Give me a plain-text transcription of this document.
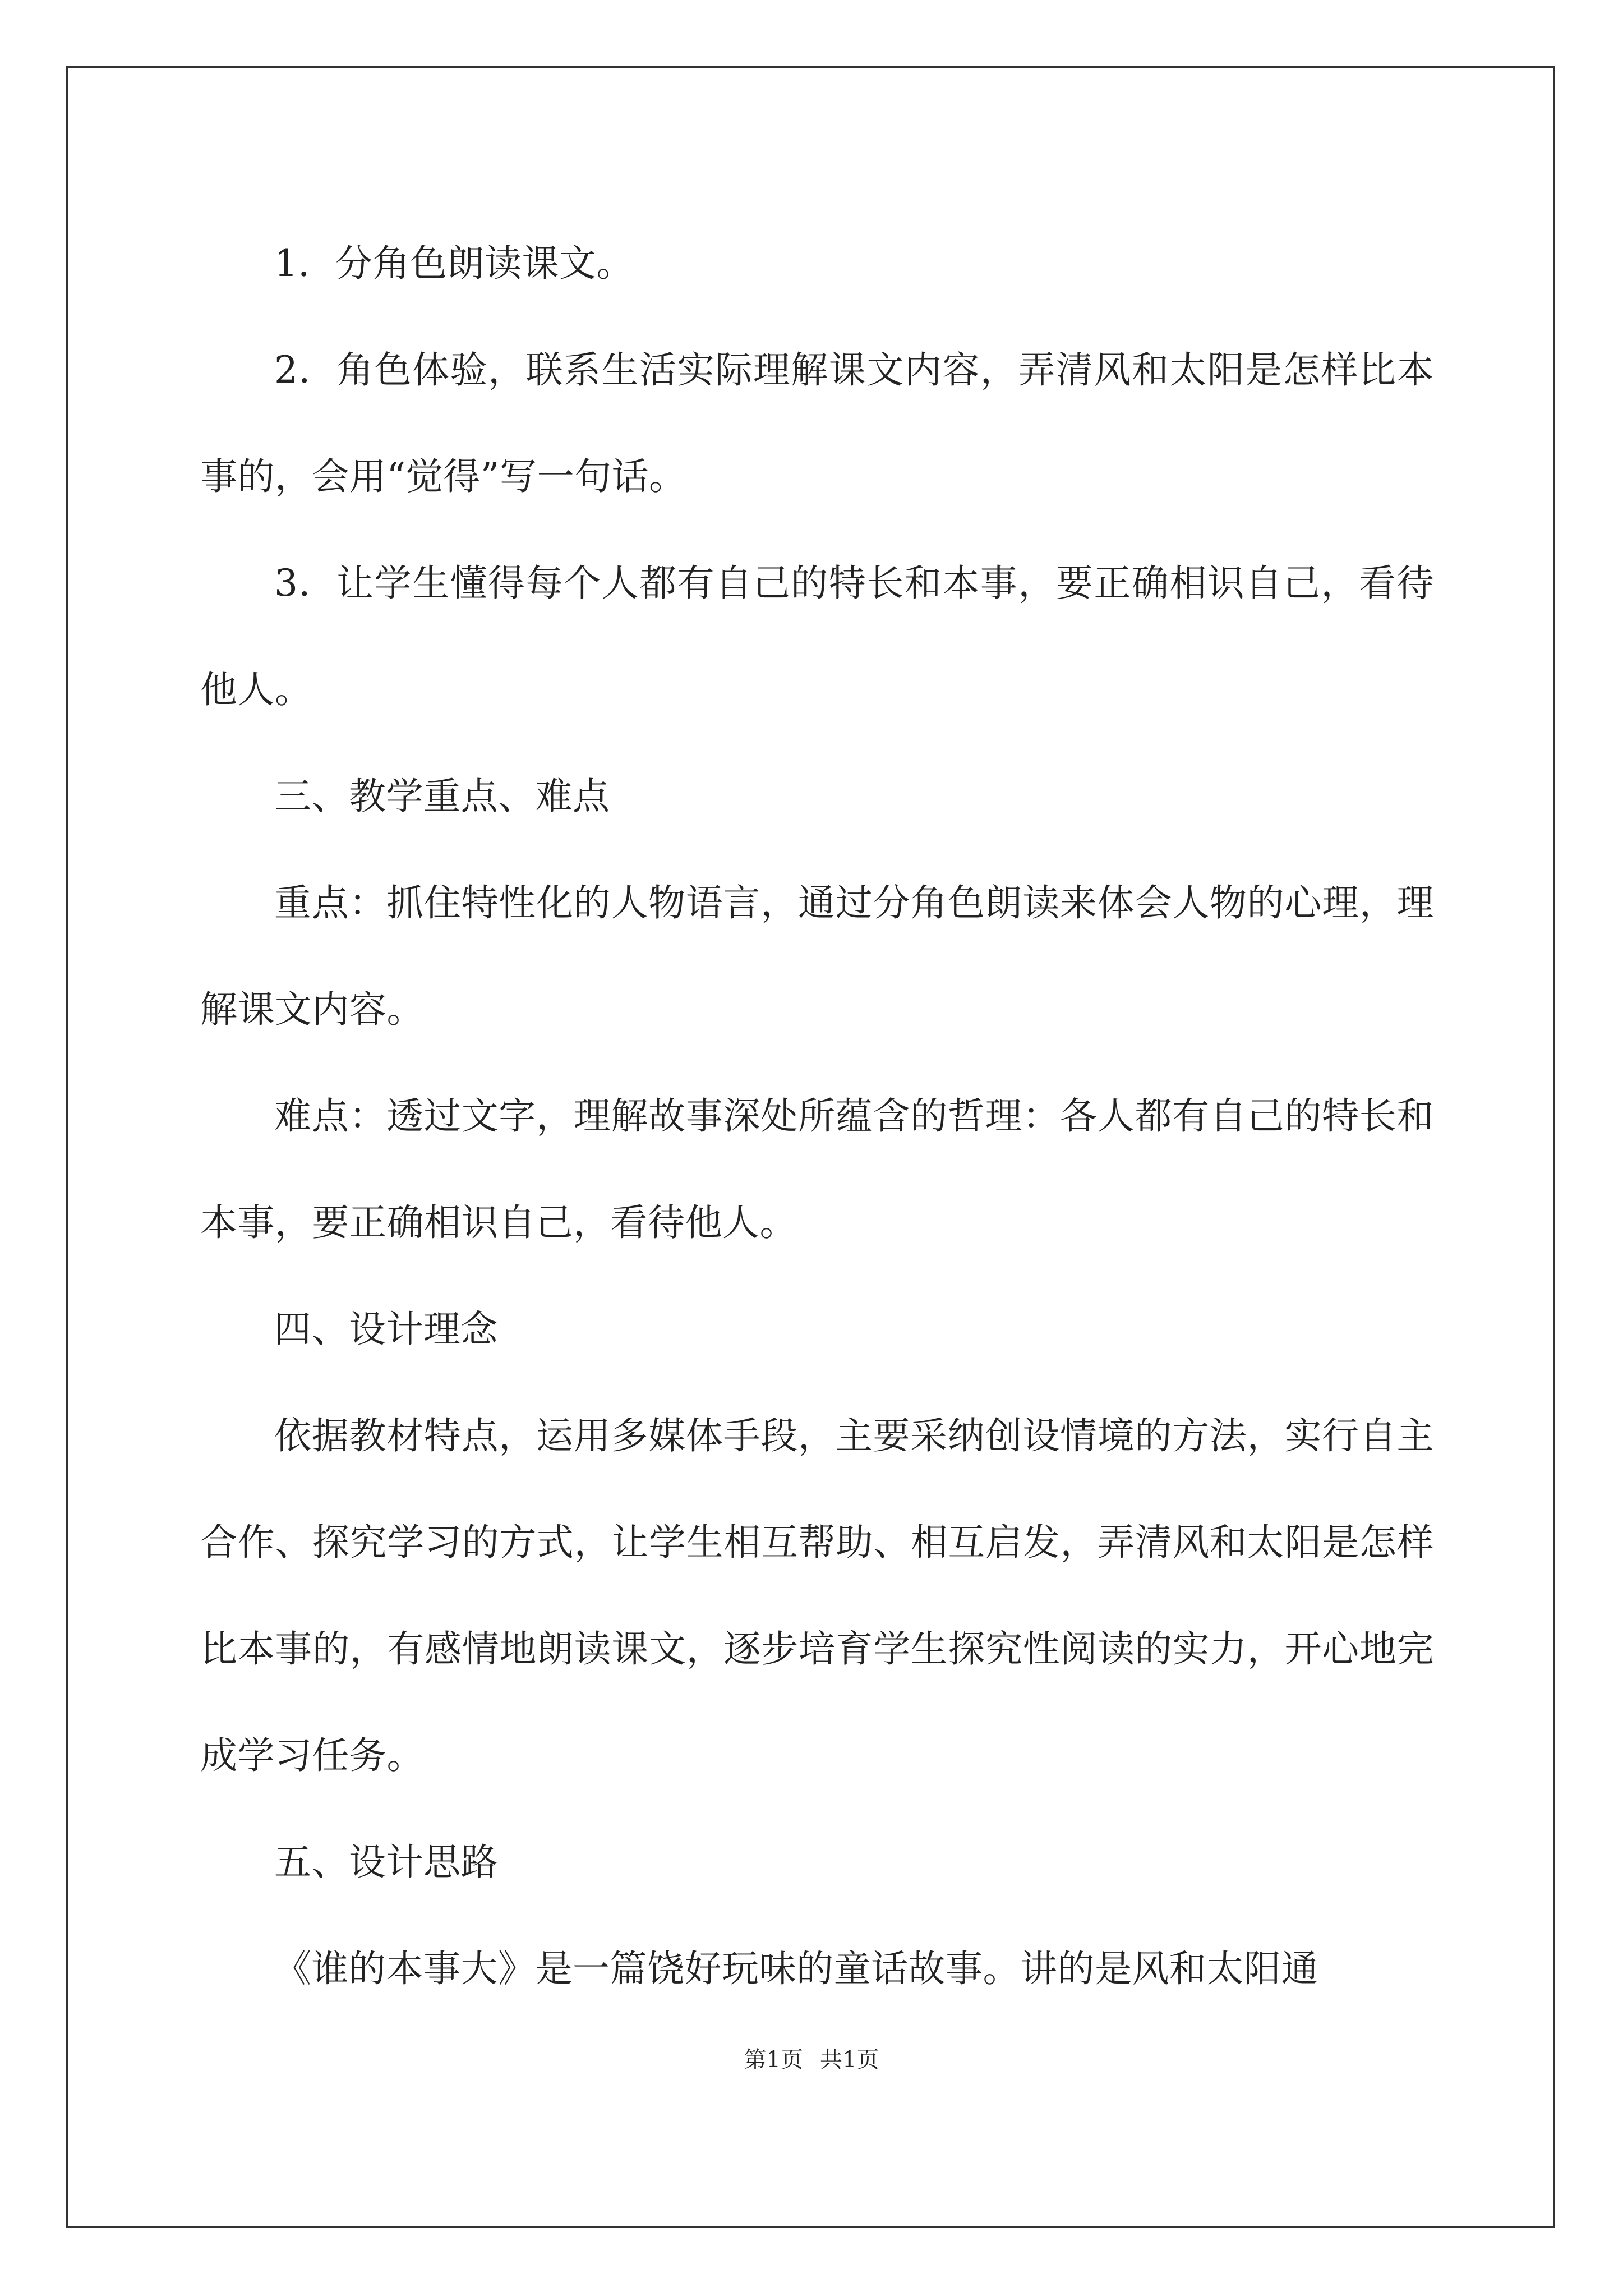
1．分角色朗读课文。

2．角色体验，联系生活实际理解课文内容，弄清风和太阳是怎样比本事的，会用“觉得”写一句话。

3．让学生懂得每个人都有自己的特长和本事，要正确相识自己，看待他人。

三、教学重点、难点

重点：抓住特性化的人物语言，通过分角色朗读来体会人物的心理，理解课文内容。

难点：透过文字，理解故事深处所蕴含的哲理：各人都有自己的特长和本事，要正确相识自己，看待他人。

四、设计理念

依据教材特点，运用多媒体手段，主要采纳创设情境的方法，实行自主合作、探究学习的方式，让学生相互帮助、相互启发，弄清风和太阳是怎样比本事的，有感情地朗读课文，逐步培育学生探究性阅读的实力，开心地完成学习任务。

五、设计思路

《谁的本事大》是一篇饶好玩味的童话故事。讲的是风和太阳通

第1页 共1页
